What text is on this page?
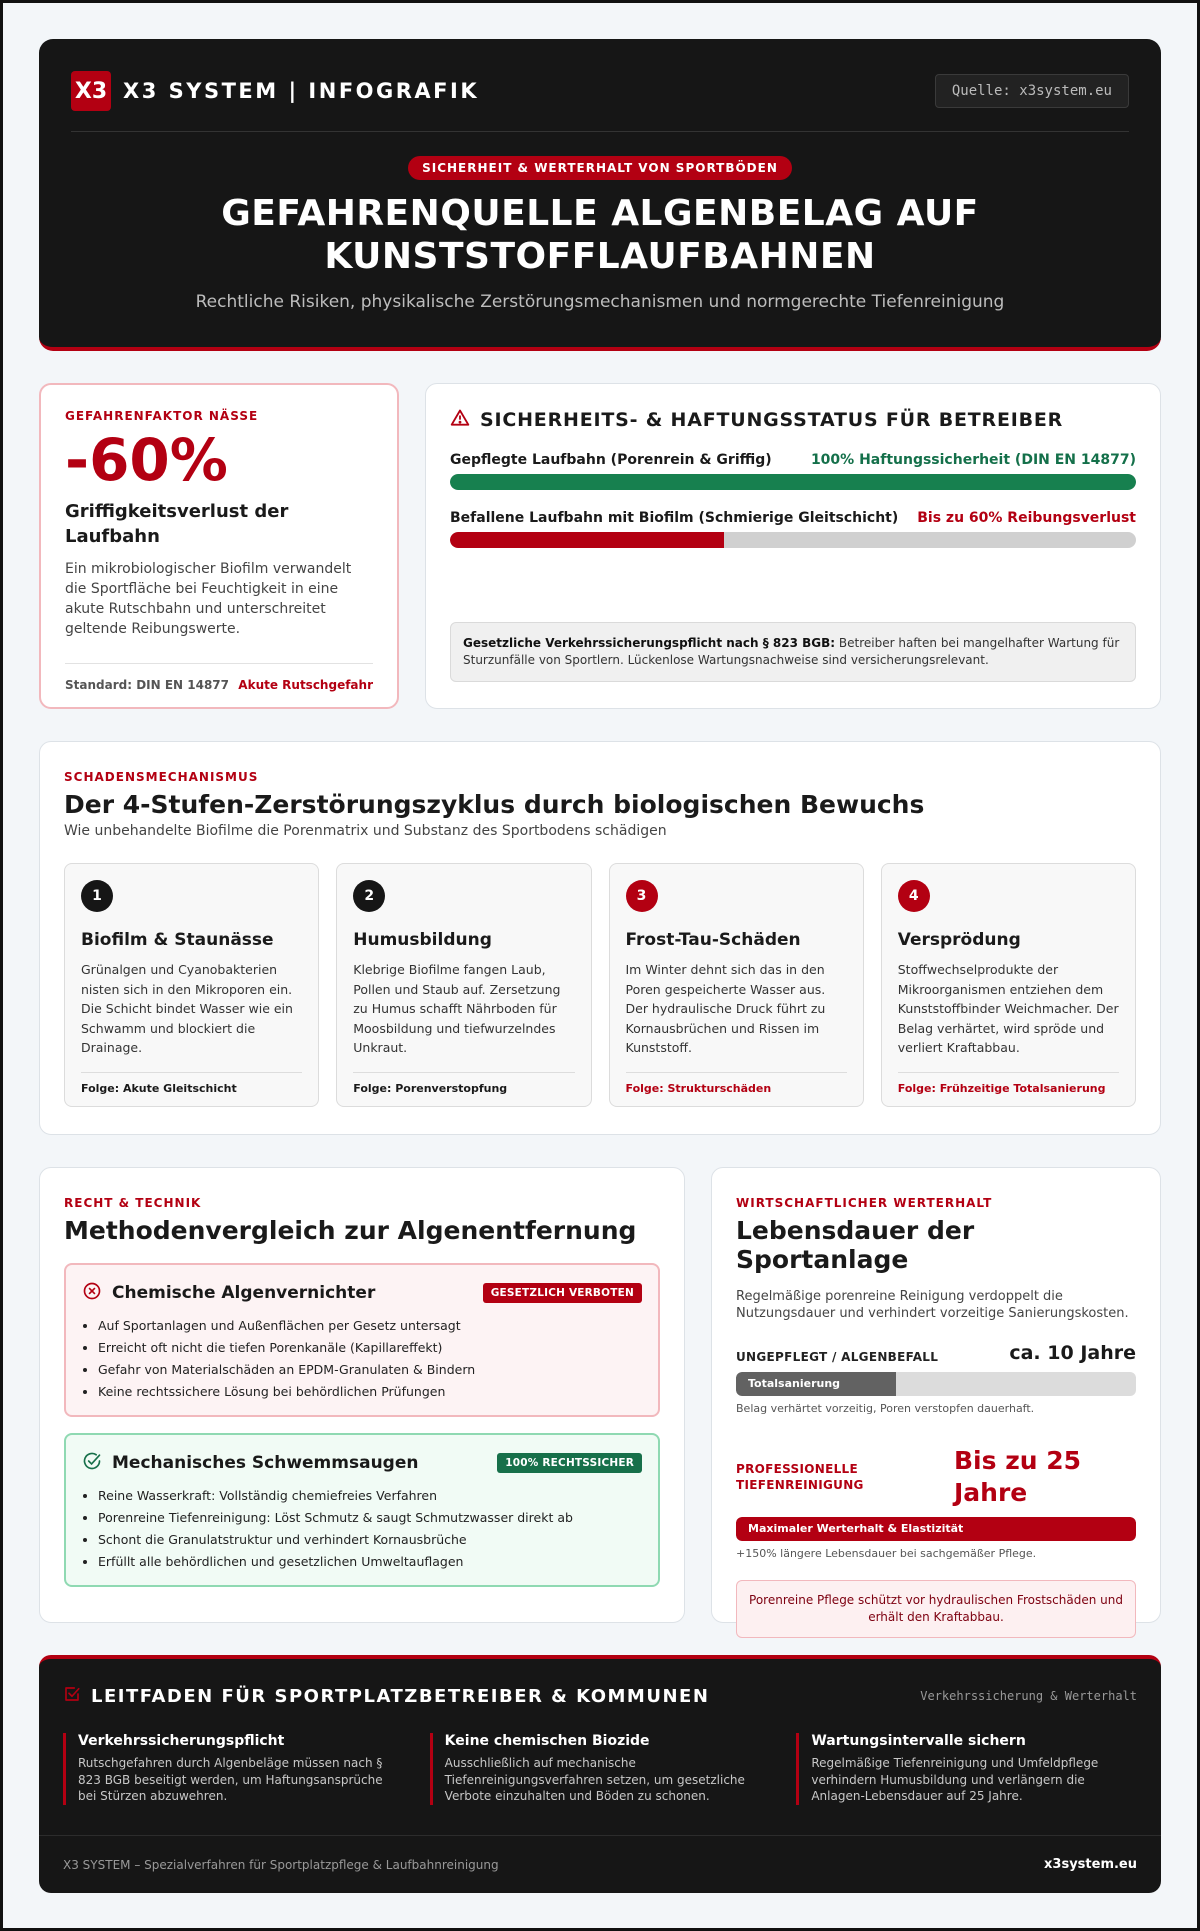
X3 X3 SYSTEM | INFOGRAFIK	Quelle: x3system.eu
SICHERHEIT & WERTERHALT VON SPORTBÖDEN
GEFAHRENQUELLE ALGENBELAG AUF
KUNSTSTOFFLAUFBAHNEN

Rechtliche Risiken, physikalische Zerstörungsmechanismen und normgerechte Tiefenreinigung

GEFAHRENFAKTOR NÄSSE
-60%
Griffigkeitsverlust der Laufbahn

Ein mikrobiologischer Biofilm verwandelt die Sportfläche bei Feuchtigkeit in eine akute Rutschbahn und unterschreitet geltende Reibungswerte.

Standard: DIN EN 14877 Akute Rutschgefahr
SICHERHEITS- & HAFTUNGSSTATUS FÜR BETREIBER
Gepflegte Laufbahn (Porenrein & Griffig)	100% Haftungssicherheit (DIN EN 14877)
Befallene Laufbahn mit Biofilm (Schmierige Gleitschicht) Bis zu 60% Reibungsverlust
Gesetzliche Verkehrssicherungspflicht nach § 823 BGB: Betreiber haften bei mangelhafter Wartung für Sturzunfälle von Sportlern. Lückenlose Wartungsnachweise sind versicherungsrelevant.
SCHADENSMECHANISMUS
Der 4-Stufen-Zerstörungszyklus durch biologischen Bewuchs

Wie unbehandelte Biofilme die Porenmatrix und Substanz des Sportbodens schädigen

1
Biofilm & Staunässe

Grünalgen und Cyanobakterien nisten sich in den Mikroporen ein. Die Schicht bindet Wasser wie ein Schwamm und blockiert die Drainage.

Folge: Akute Gleitschicht
2
Humusbildung

Klebrige Biofilme fangen Laub, Pollen und Staub auf. Zersetzung zu Humus schafft Nährboden für Moosbildung und tiefwurzelndes Unkraut.

Folge: Porenverstopfung
3
Frost-Tau-Schäden

Im Winter dehnt sich das in den Poren gespeicherte Wasser aus. Der hydraulische Druck führt zu Kornausbrüchen und Rissen im Kunststoff.

Folge: Strukturschäden
4
Versprödung

Stoffwechselprodukte der Mikroorganismen entziehen dem Kunststoffbinder Weichmacher. Der Belag verhärtet, wird spröde und verliert Kraftabbau.

Folge: Frühzeitige Totalsanierung
RECHT & TECHNIK
Methodenvergleich zur Algenentfernung
Chemische Algenvernichter	GESETZLICH VERBOTEN
• Auf Sportanlagen und Außenflächen per Gesetz untersagt
• Erreicht oft nicht die tiefen Porenkanäle (Kapillareffekt)
• Gefahr von Materialschäden an EPDM-Granulaten & Bindern
• Keine rechtssichere Lösung bei behördlichen Prüfungen
Mechanisches Schwemmsaugen	100% RECHTSSICHER
• Reine Wasserkraft: Vollständig chemiefreies Verfahren
• Porenreine Tiefenreinigung: Löst Schmutz & saugt Schmutzwasser direkt ab
• Schont die Granulatstruktur und verhindert Kornausbrüche
• Erfüllt alle behördlichen und gesetzlichen Umweltauflagen
WIRTSCHAFTLICHER WERTERHALT
Lebensdauer der Sportanlage

Regelmäßige porenreine Reinigung verdoppelt die Nutzungsdauer und verhindert vorzeitige Sanierungskosten.

UNGEPFLEGT / ALGENBEFALL	ca. 10 Jahre
Totalsanierung
Belag verhärtet vorzeitig, Poren verstopfen dauerhaft.
PROFESSIONELLE TIEFENREINIGUNG
Bis zu 25 Jahre
Maximaler Werterhalt & Elastizität
+150% längere Lebensdauer bei sachgemäßer Pflege.
Porenreine Pflege schützt vor hydraulischen Frostschäden und erhält den Kraftabbau.
LEITFADEN FÜR SPORTPLATZBETREIBER & KOMMUNEN	Verkehrssicherung & Werterhalt
Verkehrssicherungspflicht

Rutschgefahren durch Algenbeläge müssen nach § 823 BGB beseitigt werden, um Haftungsansprüche bei Stürzen abzuwehren.

Keine chemischen Biozide

Ausschließlich auf mechanische Tiefenreinigungsverfahren setzen, um gesetzliche Verbote einzuhalten und Böden zu schonen.

Wartungsintervalle sichern

Regelmäßige Tiefenreinigung und Umfeldpflege verhindern Humusbildung und verlängern die Anlagen-Lebensdauer auf 25 Jahre.

X3 SYSTEM – Spezialverfahren für Sportplatzpflege & Laufbahnreinigung	x3system.eu
